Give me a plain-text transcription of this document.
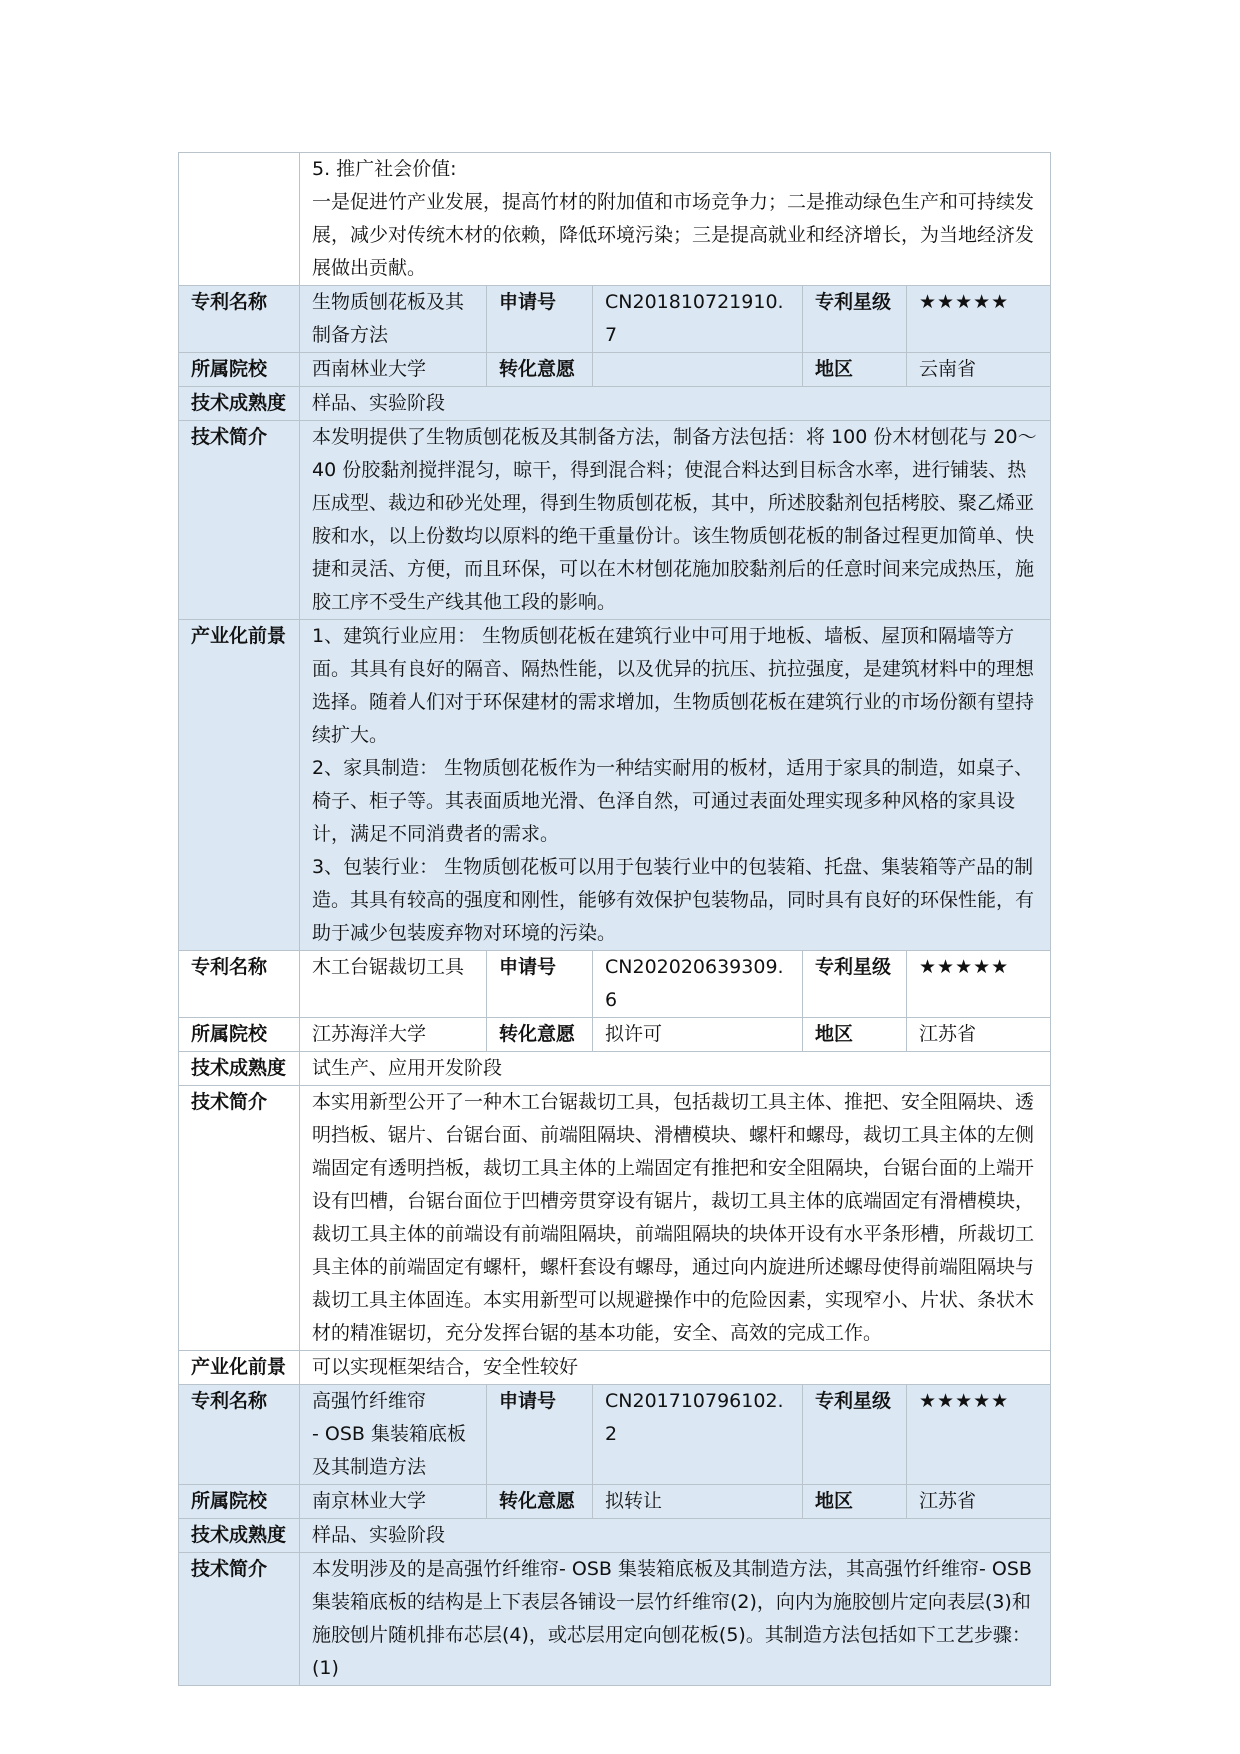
	5. 推广社会价值:
一是促进竹产业发展，提高竹材的附加值和市场竞争力；二是推动绿色生产和可持续发展，减少对传统木材的依赖，降低环境污染；三是提高就业和经济增长，为当地经济发展做出贡献。				

专利名称	生物质刨花板及其制备方法	申请号	CN201810721910.7	专利星级	★★★★★
所属院校	西南林业大学	转化意愿		地区	云南省
技术成熟度	样品、实验阶段				
技术简介	本发明提供了生物质刨花板及其制备方法，制备方法包括：将 100 份木材刨花与 20～40 份胶黏剂搅拌混匀，晾干，得到混合料；使混合料达到目标含水率，进行铺装、热压成型、裁边和砂光处理，得到生物质刨花板，其中，所述胶黏剂包括栲胶、聚乙烯亚胺和水，以上份数均以原料的绝干重量份计。该生物质刨花板的制备过程更加简单、快捷和灵活、方便，而且环保，可以在木材刨花施加胶黏剂后的任意时间来完成热压，施胶工序不受生产线其他工段的影响。				
产业化前景	1、建筑行业应用： 生物质刨花板在建筑行业中可用于地板、墙板、屋顶和隔墙等方面。其具有良好的隔音、隔热性能，以及优异的抗压、抗拉强度，是建筑材料中的理想选择。随着人们对于环保建材的需求增加，生物质刨花板在建筑行业的市场份额有望持续扩大。
2、家具制造： 生物质刨花板作为一种结实耐用的板材，适用于家具的制造，如桌子、椅子、柜子等。其表面质地光滑、色泽自然，可通过表面处理实现多种风格的家具设计，满足不同消费者的需求。
3、包装行业： 生物质刨花板可以用于包装行业中的包装箱、托盘、集装箱等产品的制造。其具有较高的强度和刚性，能够有效保护包装物品，同时具有良好的环保性能，有助于减少包装废弃物对环境的污染。				

专利名称	木工台锯裁切工具	申请号	CN202020639309.6	专利星级	★★★★★
所属院校	江苏海洋大学	转化意愿	拟许可	地区	江苏省
技术成熟度	试生产、应用开发阶段				
技术简介	本实用新型公开了一种木工台锯裁切工具，包括裁切工具主体、推把、安全阻隔块、透明挡板、锯片、台锯台面、前端阻隔块、滑槽模块、螺杆和螺母，裁切工具主体的左侧端固定有透明挡板，裁切工具主体的上端固定有推把和安全阻隔块，台锯台面的上端开设有凹槽，台锯台面位于凹槽旁贯穿设有锯片，裁切工具主体的底端固定有滑槽模块，裁切工具主体的前端设有前端阻隔块，前端阻隔块的块体开设有水平条形槽，所裁切工具主体的前端固定有螺杆，螺杆套设有螺母，通过向内旋进所述螺母使得前端阻隔块与裁切工具主体固连。本实用新型可以规避操作中的危险因素，实现窄小、片状、条状木材的精准锯切，充分发挥台锯的基本功能，安全、高效的完成工作。				
产业化前景	可以实现框架结合，安全性较好				
专利名称	高强竹纤维帘
- OSB 集装箱底板
及其制造方法	申请号	CN201710796102.2	专利星级	★★★★★
所属院校	南京林业大学	转化意愿	拟转让	地区	江苏省
技术成熟度	样品、实验阶段				
技术简介	本发明涉及的是高强竹纤维帘- OSB 集装箱底板及其制造方法，其高强竹纤维帘- OSB 集装箱底板的结构是上下表层各铺设一层竹纤维帘(2)，向内为施胶刨片定向表层(3)和施胶刨片随机排布芯层(4)，或芯层用定向刨花板(5)。其制造方法包括如下工艺步骤：(1)				
